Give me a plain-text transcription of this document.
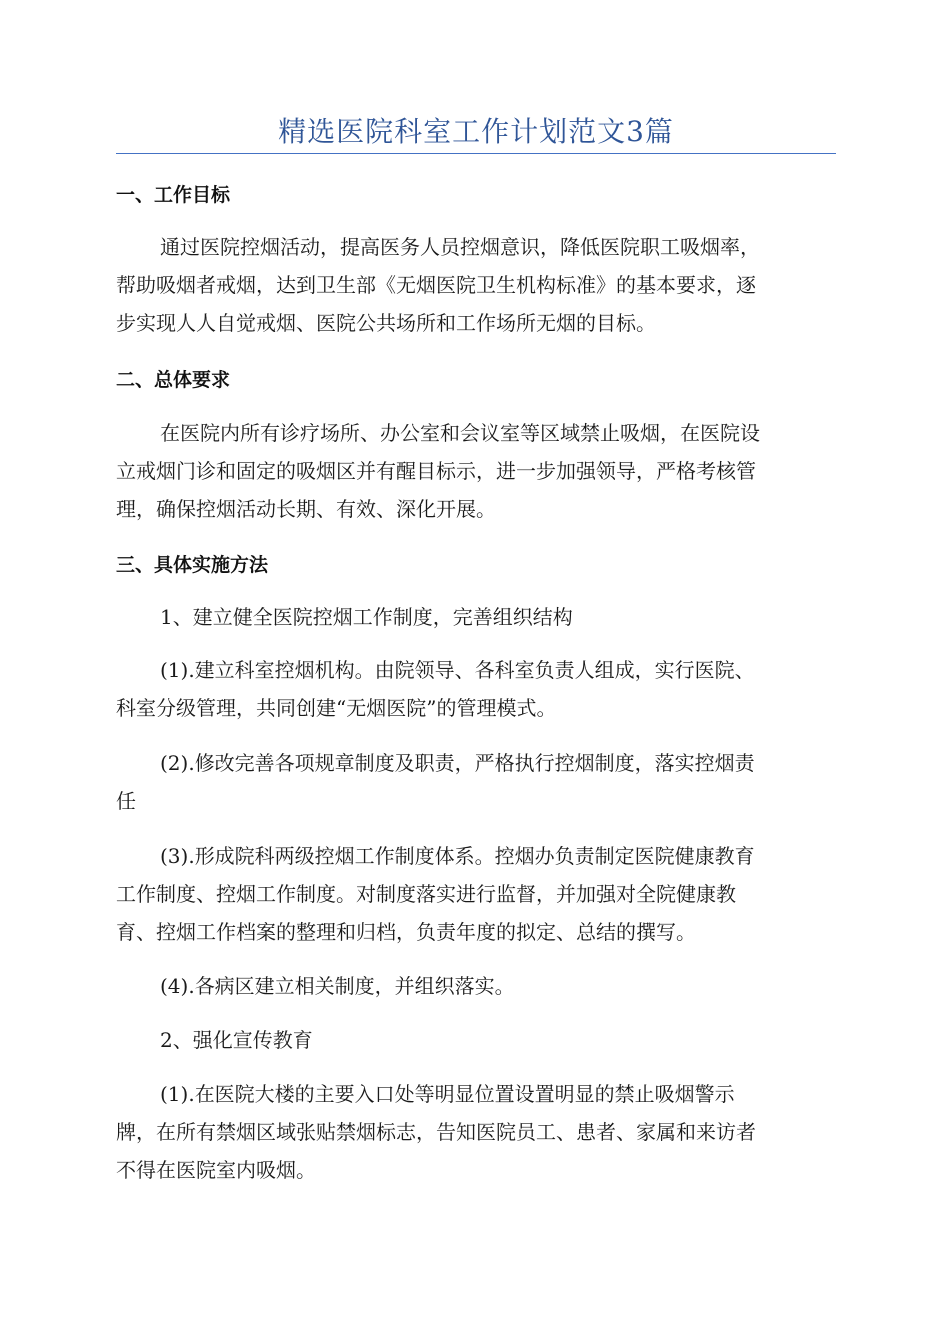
精选医院科室工作计划范文3篇
一、工作目标
通过医院控烟活动，提高医务人员控烟意识，降低医院职工吸烟率，
帮助吸烟者戒烟，达到卫生部《无烟医院卫生机构标准》的基本要求，逐
步实现人人自觉戒烟、医院公共场所和工作场所无烟的目标。
二、总体要求
在医院内所有诊疗场所、办公室和会议室等区域禁止吸烟，在医院设
立戒烟门诊和固定的吸烟区并有醒目标示，进一步加强领导，严格考核管
理，确保控烟活动长期、有效、深化开展。
三、具体实施方法
1、建立健全医院控烟工作制度，完善组织结构
(1).建立科室控烟机构。由院领导、各科室负责人组成，实行医院、
科室分级管理，共同创建“无烟医院”的管理模式。
(2).修改完善各项规章制度及职责，严格执行控烟制度，落实控烟责
任
(3).形成院科两级控烟工作制度体系。控烟办负责制定医院健康教育
工作制度、控烟工作制度。对制度落实进行监督，并加强对全院健康教
育、控烟工作档案的整理和归档，负责年度的拟定、总结的撰写。
(4).各病区建立相关制度，并组织落实。
2、强化宣传教育
(1).在医院大楼的主要入口处等明显位置设置明显的禁止吸烟警示
牌，在所有禁烟区域张贴禁烟标志，告知医院员工、患者、家属和来访者
不得在医院室内吸烟。
